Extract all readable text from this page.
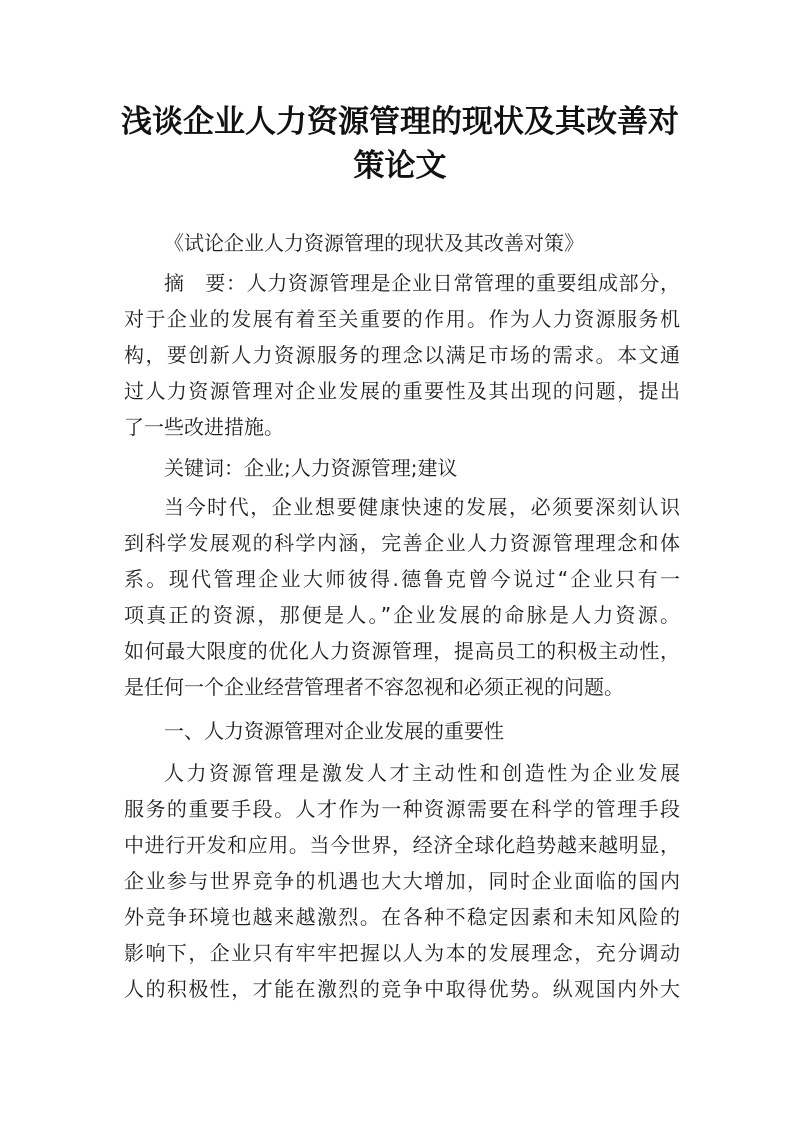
浅谈企业人力资源管理的现状及其改善对
策论文

《试论企业人力资源管理的现状及其改善对策》

摘　要：人力资源管理是企业日常管理的重要组成部分，

对于企业的发展有着至关重要的作用。作为人力资源服务机

构，要创新人力资源服务的理念以满足市场的需求。本文通

过人力资源管理对企业发展的重要性及其出现的问题，提出

了一些改进措施。

关键词：企业;人力资源管理;建议

当今时代，企业想要健康快速的发展，必须要深刻认识

到科学发展观的科学内涵，完善企业人力资源管理理念和体

系。现代管理企业大师彼得.德鲁克曾今说过“企业只有一

项真正的资源，那便是人。”企业发展的命脉是人力资源。

如何最大限度的优化人力资源管理，提高员工的积极主动性，

是任何一个企业经营管理者不容忽视和必须正视的问题。

一、人力资源管理对企业发展的重要性

人力资源管理是激发人才主动性和创造性为企业发展

服务的重要手段。人才作为一种资源需要在科学的管理手段

中进行开发和应用。当今世界，经济全球化趋势越来越明显，

企业参与世界竞争的机遇也大大增加，同时企业面临的国内

外竞争环境也越来越激烈。在各种不稳定因素和未知风险的

影响下，企业只有牢牢把握以人为本的发展理念，充分调动

人的积极性，才能在激烈的竞争中取得优势。纵观国内外大
